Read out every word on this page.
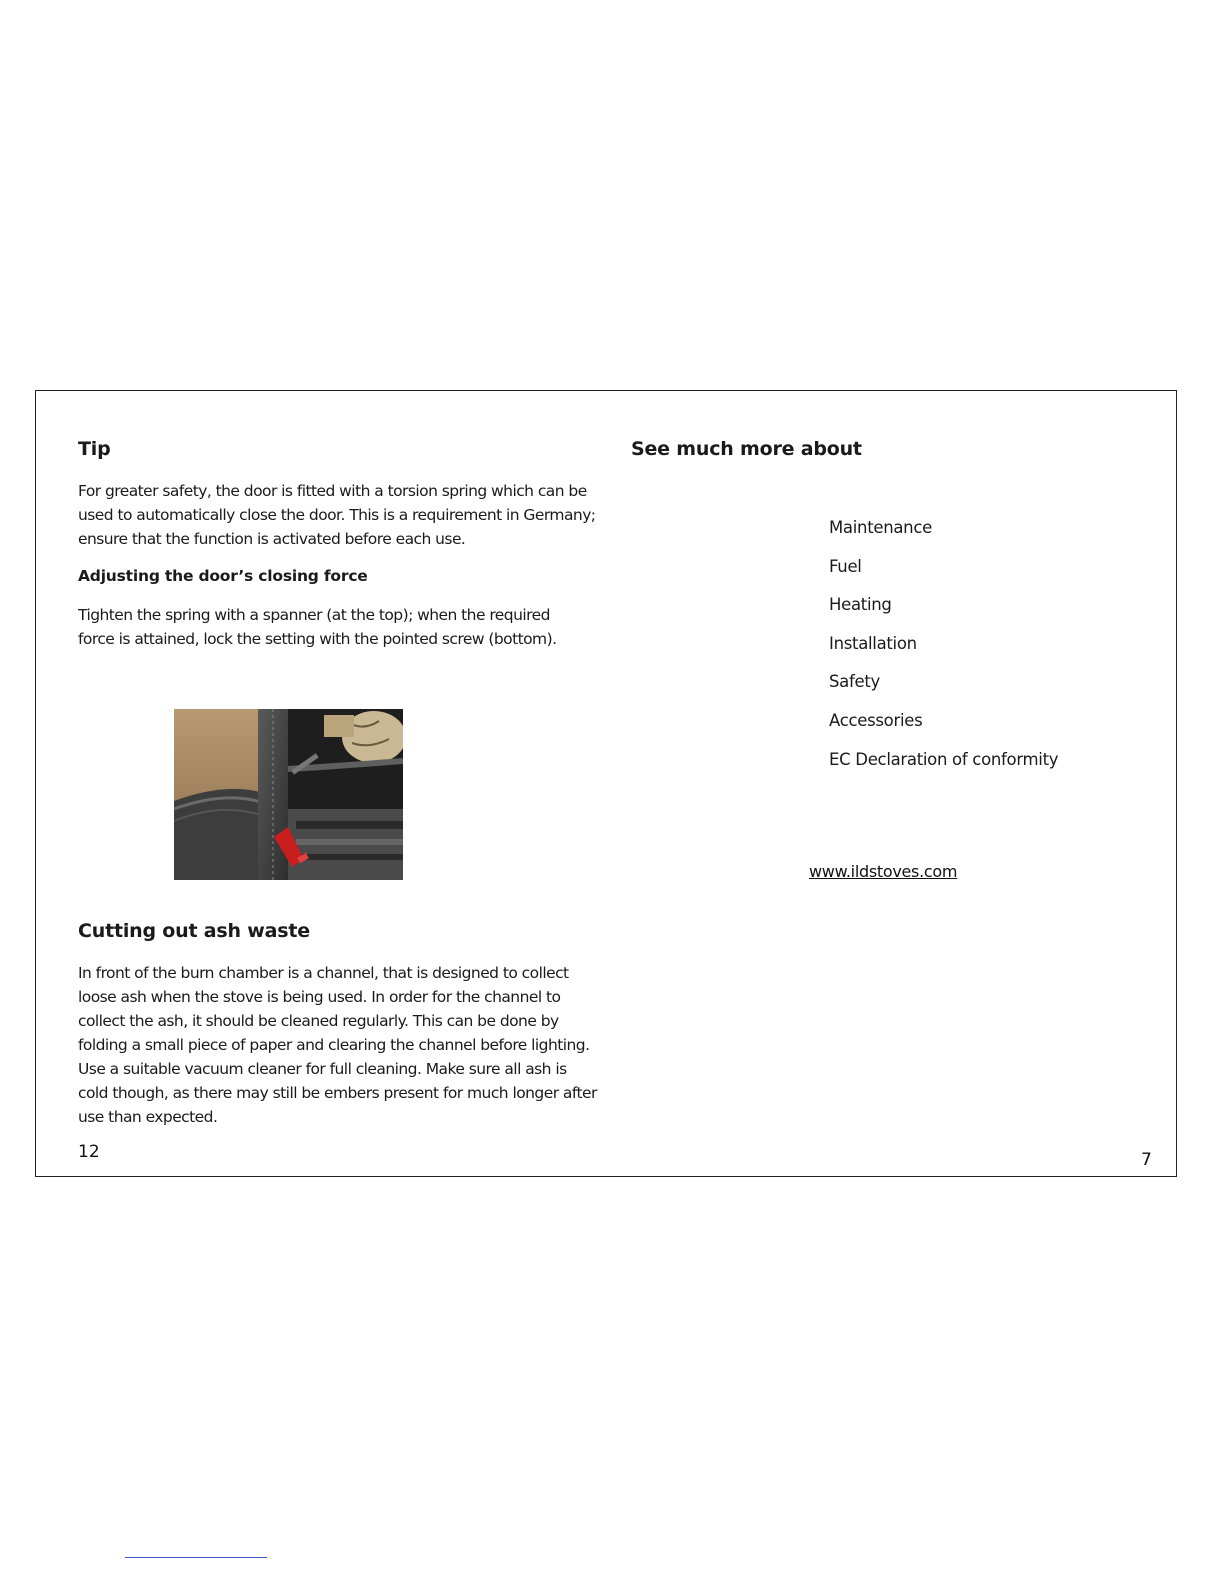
Tip

For greater safety, the door is fitted with a torsion spring which can be used to automatically close the door. This is a requirement in Germany; ensure that the function is activated before each use.

Adjusting the door’s closing force

Tighten the spring with a spanner (at the top); when the required force is attained, lock the setting with the pointed screw (bottom).

Cutting out ash waste

In front of the burn chamber is a channel, that is designed to collect loose ash when the stove is being used. In order for the channel to collect the ash, it should be cleaned regularly. This can be done by folding a small piece of paper and clearing the channel before lighting. Use a suitable vacuum cleaner for full cleaning. Make sure all ash is cold though, as there may still be embers present for much longer after use than expected.

12
See much more about
Maintenance
Fuel
Heating
Installation
Safety
Accessories
EC Declaration of conformity
www.ildstoves.com
7
